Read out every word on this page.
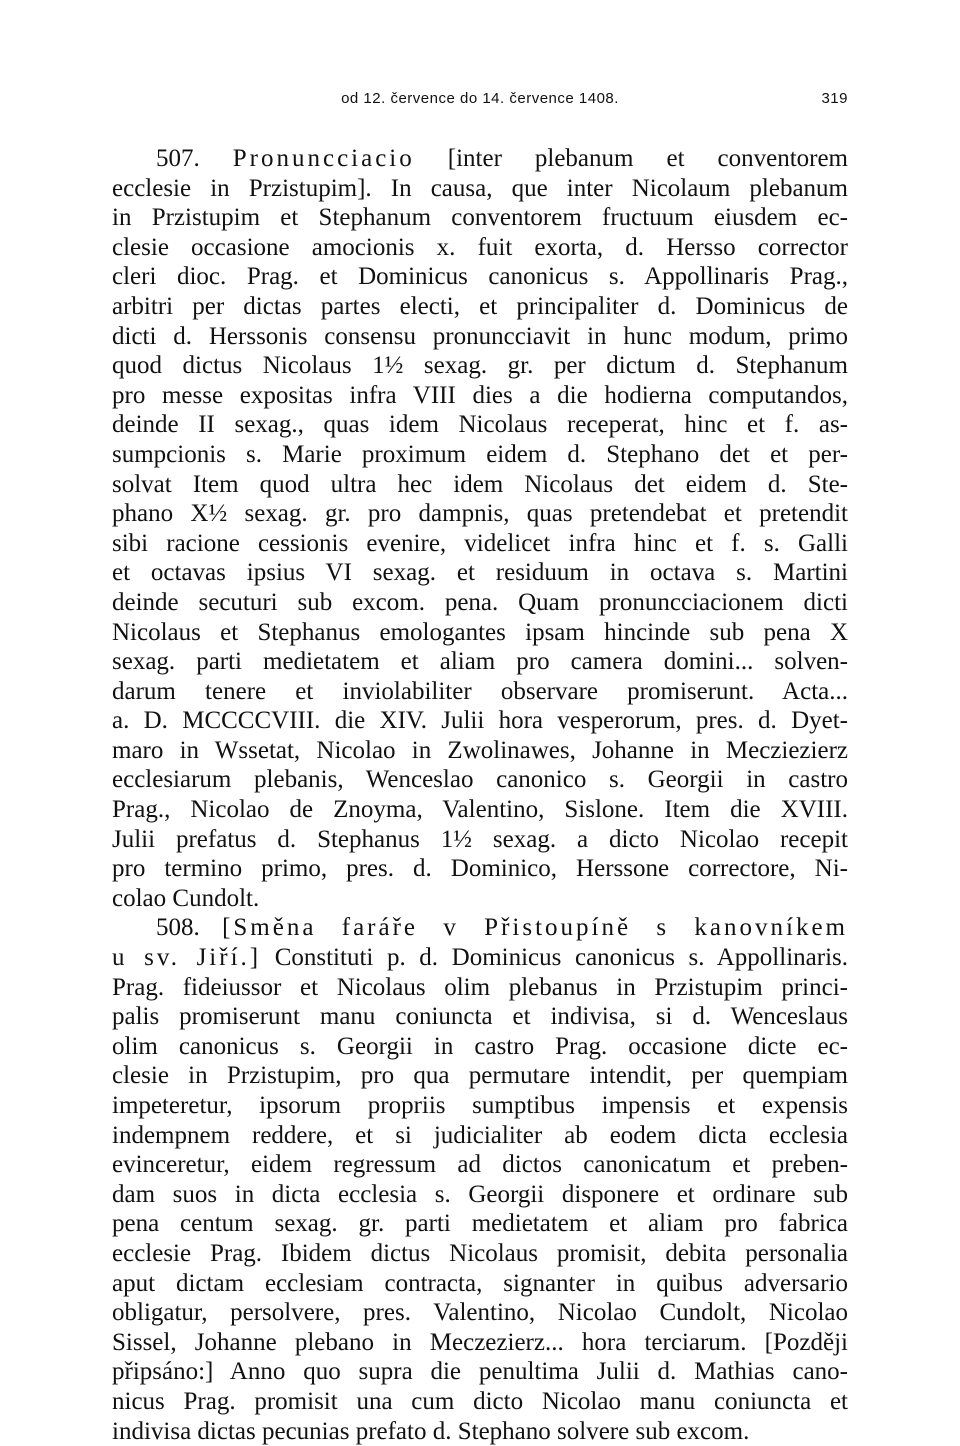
od 12. července do 14. července 1408.	319
507. Pronuncciacio [inter plebanum et conventorem
ecclesie in Przistupim]. In causa, que inter Nicolaum plebanum
in Przistupim et Stephanum conventorem fructuum eiusdem ec-
clesie occasione amocionis x. fuit exorta, d. Hersso corrector
cleri dioc. Prag. et Dominicus canonicus s. Appollinaris Prag.,
arbitri per dictas partes electi, et principaliter d. Dominicus de
dicti d. Herssonis consensu pronuncciavit in hunc modum, primo
quod dictus Nicolaus 1½ sexag. gr. per dictum d. Stephanum
pro messe expositas infra VIII dies a die hodierna computandos,
deinde II sexag., quas idem Nicolaus receperat, hinc et f. as-
sumpcionis s. Marie proximum eidem d. Stephano det et per-
solvat Item quod ultra hec idem Nicolaus det eidem d. Ste-
phano X½ sexag. gr. pro dampnis, quas pretendebat et pretendit
sibi racione cessionis evenire, videlicet infra hinc et f. s. Galli
et octavas ipsius VI sexag. et residuum in octava s. Martini
deinde secuturi sub excom. pena. Quam pronuncciacionem dicti
Nicolaus et Stephanus emologantes ipsam hincinde sub pena X
sexag. parti medietatem et aliam pro camera domini... solven-
darum tenere et inviolabiliter observare promiserunt. Acta...
a. D. MCCCCVIII. die XIV. Julii hora vesperorum, pres. d. Dyet-
maro in Wssetat, Nicolao in Zwolinawes, Johanne in Mecziezierz
ecclesiarum plebanis, Wenceslao canonico s. Georgii in castro
Prag., Nicolao de Znoyma, Valentino, Sislone. Item die XVIII.
Julii prefatus d. Stephanus 1½ sexag. a dicto Nicolao recepit
pro termino primo, pres. d. Dominico, Herssone correctore, Ni-
colao Cundolt.
508. [Směna faráře v Přistoupíně s kanovníkem
u sv. Jiří.] Constituti p. d. Dominicus canonicus s. Appollinaris.
Prag. fideiussor et Nicolaus olim plebanus in Przistupim princi-
palis promiserunt manu coniuncta et indivisa, si d. Wenceslaus
olim canonicus s. Georgii in castro Prag. occasione dicte ec-
clesie in Przistupim, pro qua permutare intendit, per quempiam
impeteretur, ipsorum propriis sumptibus impensis et expensis
indempnem reddere, et si judicialiter ab eodem dicta ecclesia
evinceretur, eidem regressum ad dictos canonicatum et preben-
dam suos in dicta ecclesia s. Georgii disponere et ordinare sub
pena centum sexag. gr. parti medietatem et aliam pro fabrica
ecclesie Prag. Ibidem dictus Nicolaus promisit, debita personalia
aput dictam ecclesiam contracta, signanter in quibus adversario
obligatur, persolvere, pres. Valentino, Nicolao Cundolt, Nicolao
Sissel, Johanne plebano in Meczezierz... hora terciarum. [Později
připsáno:] Anno quo supra die penultima Julii d. Mathias cano-
nicus Prag. promisit una cum dicto Nicolao manu coniuncta et
indivisa dictas pecunias prefato d. Stephano solvere sub excom.
